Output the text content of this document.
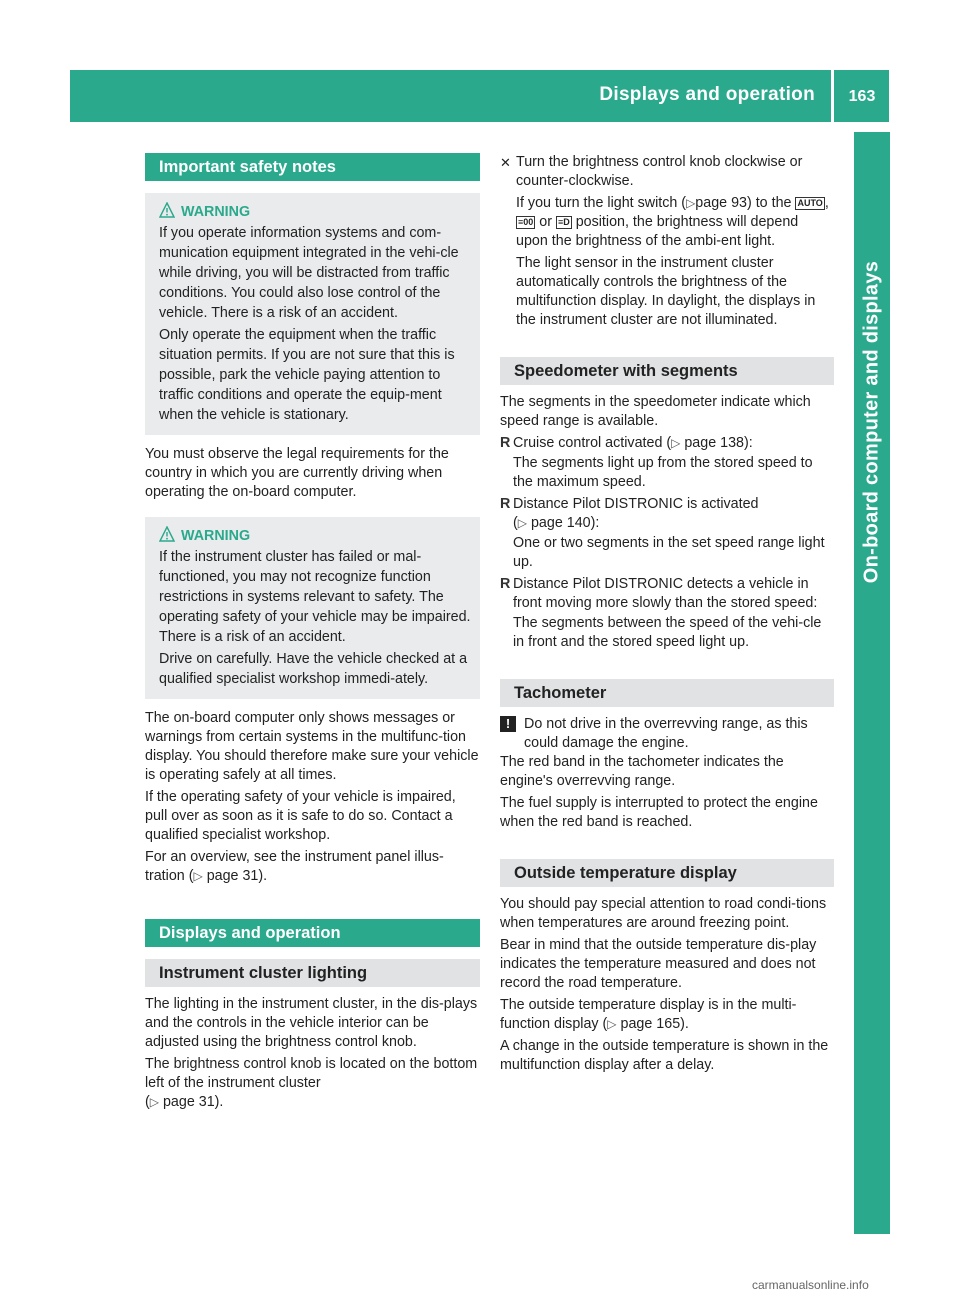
Displays and operation	163
On-board computer and displays
Important safety notes
WARNING

If you operate information systems and com-munication equipment integrated in the vehi-cle while driving, you will be distracted from traffic conditions. You could also lose control of the vehicle. There is a risk of an accident.

Only operate the equipment when the traffic situation permits. If you are not sure that this is possible, park the vehicle paying attention to traffic conditions and operate the equip-ment when the vehicle is stationary.

You must observe the legal requirements for the country in which you are currently driving when operating the on-board computer.

WARNING

If the instrument cluster has failed or mal-functioned, you may not recognize function restrictions in systems relevant to safety. The operating safety of your vehicle may be impaired. There is a risk of an accident.

Drive on carefully. Have the vehicle checked at a qualified specialist workshop immedi-ately.

The on-board computer only shows messages or warnings from certain systems in the multifunc-tion display. You should therefore make sure your vehicle is operating safely at all times.

If the operating safety of your vehicle is impaired, pull over as soon as it is safe to do so. Contact a qualified specialist workshop.

For an overview, see the instrument panel illus-tration (▷ page 31).

Displays and operation
Instrument cluster lighting

The lighting in the instrument cluster, in the dis-plays and the controls in the vehicle interior can be adjusted using the brightness control knob.

The brightness control knob is located on the bottom left of the instrument cluster
(▷ page 31).

✕ Turn the brightness control knob clockwise or counter-clockwise.

If you turn the light switch (▷page 93) to the AUTO , ≡00 or ≡D position, the brightness will depend upon the brightness of the ambi-ent light.

The light sensor in the instrument cluster automatically controls the brightness of the multifunction display. In daylight, the displays in the instrument cluster are not illuminated.

Speedometer with segments

The segments in the speedometer indicate which speed range is available.

R Cruise control activated (▷ page 138):

The segments light up from the stored speed to the maximum speed.

R Distance Pilot DISTRONIC is activated
(▷ page 140):

One or two segments in the set speed range light up.

R Distance Pilot DISTRONIC detects a vehicle in front moving more slowly than the stored speed:

The segments between the speed of the vehi-cle in front and the stored speed light up.

Tachometer
! Do not drive in the overrevving range, as this could damage the engine.

The red band in the tachometer indicates the engine's overrevving range.

The fuel supply is interrupted to protect the engine when the red band is reached.

Outside temperature display

You should pay special attention to road condi-tions when temperatures are around freezing point.

Bear in mind that the outside temperature dis-play indicates the temperature measured and does not record the road temperature.

The outside temperature display is in the multi-function display (▷ page 165).

A change in the outside temperature is shown in the multifunction display after a delay.

carmanualsonline.info
